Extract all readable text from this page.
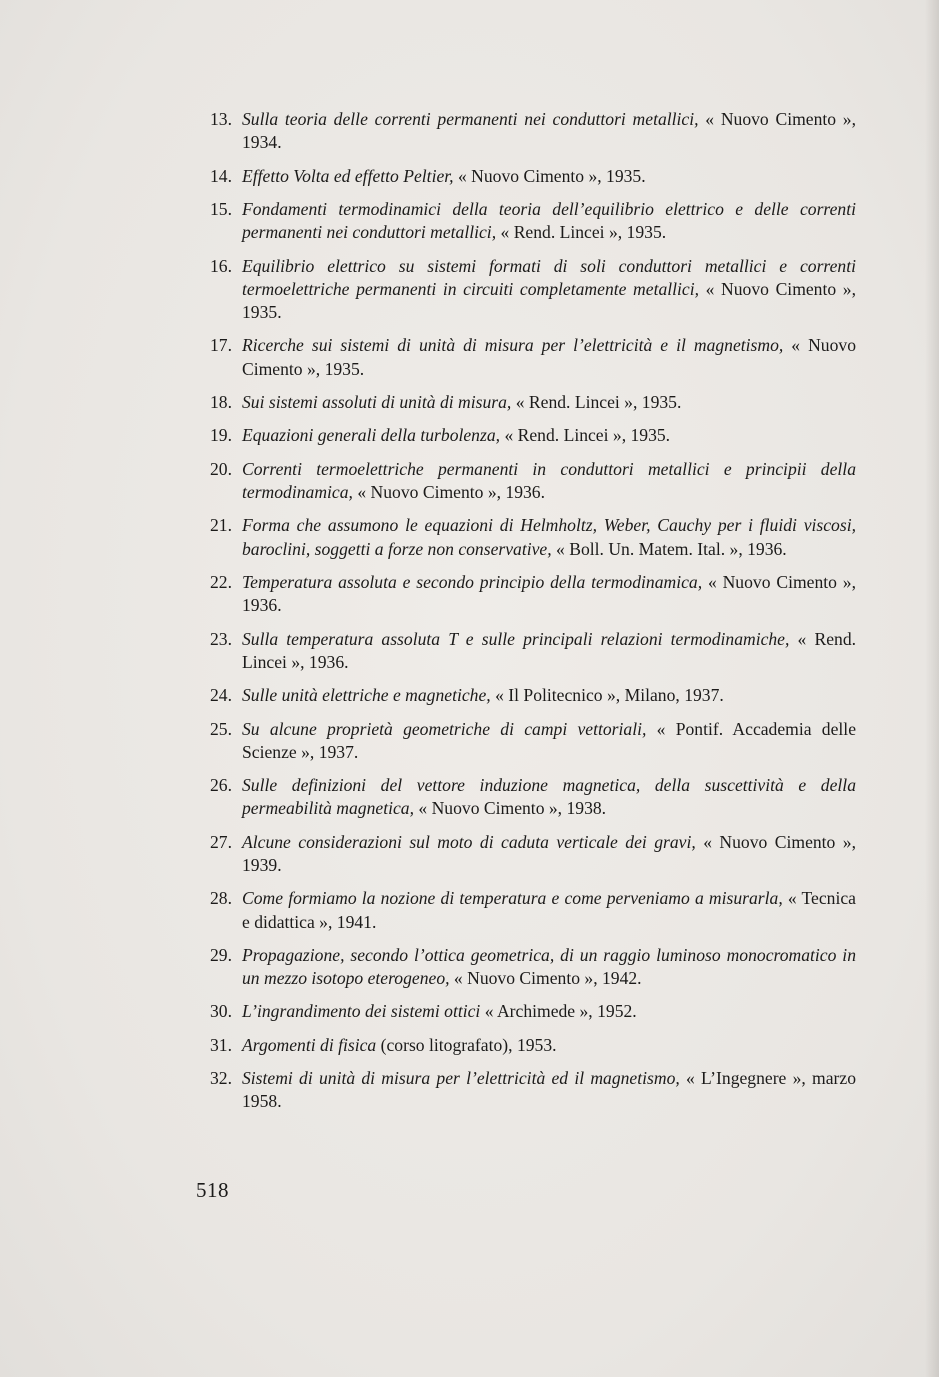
13. Sulla teoria delle correnti permanenti nei conduttori metallici, « Nuovo Cimento », 1934.
14. Effetto Volta ed effetto Peltier, « Nuovo Cimento », 1935.
15. Fondamenti termodinamici della teoria dell’equilibrio elettrico e delle correnti permanenti nei conduttori metallici, « Rend. Lincei », 1935.
16. Equilibrio elettrico su sistemi formati di soli conduttori metallici e correnti termoelettriche permanenti in circuiti completamente metallici, « Nuovo Cimento », 1935.
17. Ricerche sui sistemi di unità di misura per l’elettricità e il magnetismo, « Nuovo Cimento », 1935.
18. Sui sistemi assoluti di unità di misura, « Rend. Lincei », 1935.
19. Equazioni generali della turbolenza, « Rend. Lincei », 1935.
20. Correnti termoelettriche permanenti in conduttori metallici e principii della termodinamica, « Nuovo Cimento », 1936.
21. Forma che assumono le equazioni di Helmholtz, Weber, Cauchy per i fluidi viscosi, baroclini, soggetti a forze non conservative, « Boll. Un. Matem. Ital. », 1936.
22. Temperatura assoluta e secondo principio della termodinamica, « Nuovo Cimento », 1936.
23. Sulla temperatura assoluta T e sulle principali relazioni termodinamiche, « Rend. Lincei », 1936.
24. Sulle unità elettriche e magnetiche, « Il Politecnico », Milano, 1937.
25. Su alcune proprietà geometriche di campi vettoriali, « Pontif. Accademia delle Scienze », 1937.
26. Sulle definizioni del vettore induzione magnetica, della suscettività e della permeabilità magnetica, « Nuovo Cimento », 1938.
27. Alcune considerazioni sul moto di caduta verticale dei gravi, « Nuovo Cimento », 1939.
28. Come formiamo la nozione di temperatura e come perveniamo a misurarla, « Tecnica e didattica », 1941.
29. Propagazione, secondo l’ottica geometrica, di un raggio luminoso monocromatico in un mezzo isotopo eterogeneo, « Nuovo Cimento », 1942.
30. L’ingrandimento dei sistemi ottici « Archimede », 1952.
31. Argomenti di fisica (corso litografato), 1953.
32. Sistemi di unità di misura per l’elettricità ed il magnetismo, « L’Ingegnere », marzo 1958.
518
